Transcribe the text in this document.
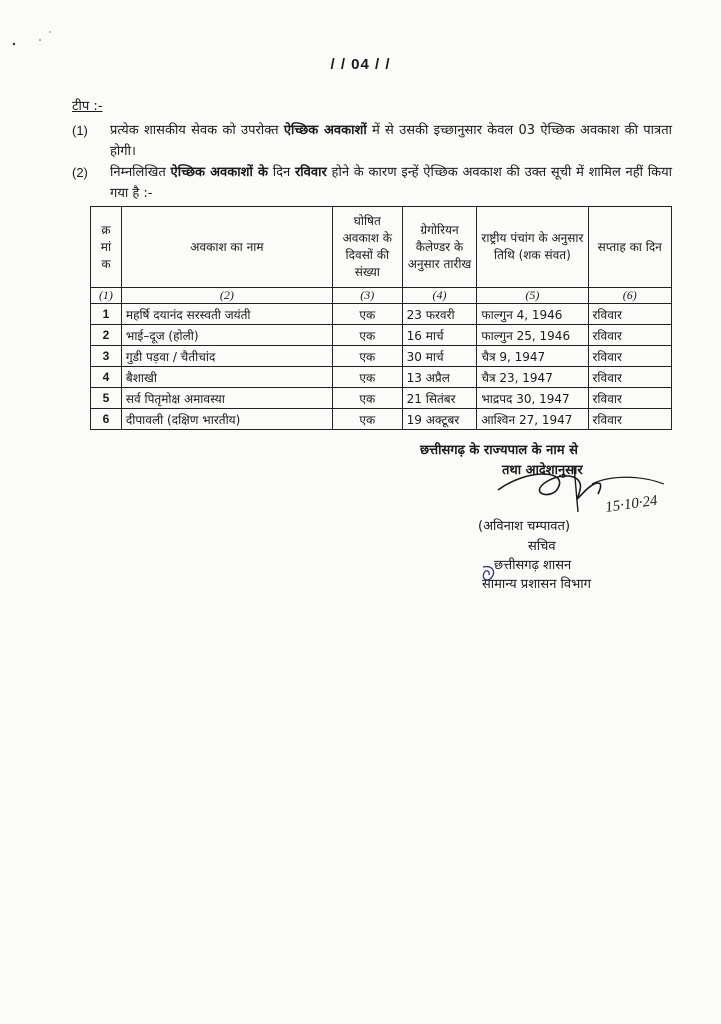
/ / 04 / /
टीप :-
(1) प्रत्येक शासकीय सेवक को उपरोक्त ऐच्छिक अवकाशों में से उसकी इच्छानुसार केवल 03 ऐच्छिक अवकाश की पात्रता होगी।
(2) निम्नलिखित ऐच्छिक अवकाशों के दिन रविवार होने के कारण इन्हें ऐच्छिक अवकाश की उक्त सूची में शामिल नहीं किया गया है :-
क्र मां क	अवकाश का नाम	घोषित अवकाश के दिवसों की संख्या	ग्रेगोरियन कैलेण्डर के अनुसार तारीख	राष्ट्रीय पंचांग के अनुसार तिथि (शक संवत)	सप्ताह का दिन
(1)	(2)	(3)	(4)	(5)	(6)
1	महर्षि दयानंद सरस्वती जयंती	एक	23 फरवरी	फाल्गुन 4, 1946	रविवार
2	भाई–दूज (होली)	एक	16 मार्च	फाल्गुन 25, 1946	रविवार
3	गुडी पड़वा / चैतीचांद	एक	30 मार्च	चैत्र 9, 1947	रविवार
4	बैशाखी	एक	13 अप्रैल	चैत्र 23, 1947	रविवार
5	सर्व पितृमोक्ष अमावस्या	एक	21 सितंबर	भाद्रपद 30, 1947	रविवार
6	दीपावली (दक्षिण भारतीय)	एक	19 अक्टूबर	आश्विन 27, 1947	रविवार
छत्तीसगढ़ के राज्यपाल के नाम से
तथा आदेशानुसार
15·10·24
(अविनाश चम्पावत)
सचिव
छत्तीसगढ़ शासन
सामान्य प्रशासन विभाग
